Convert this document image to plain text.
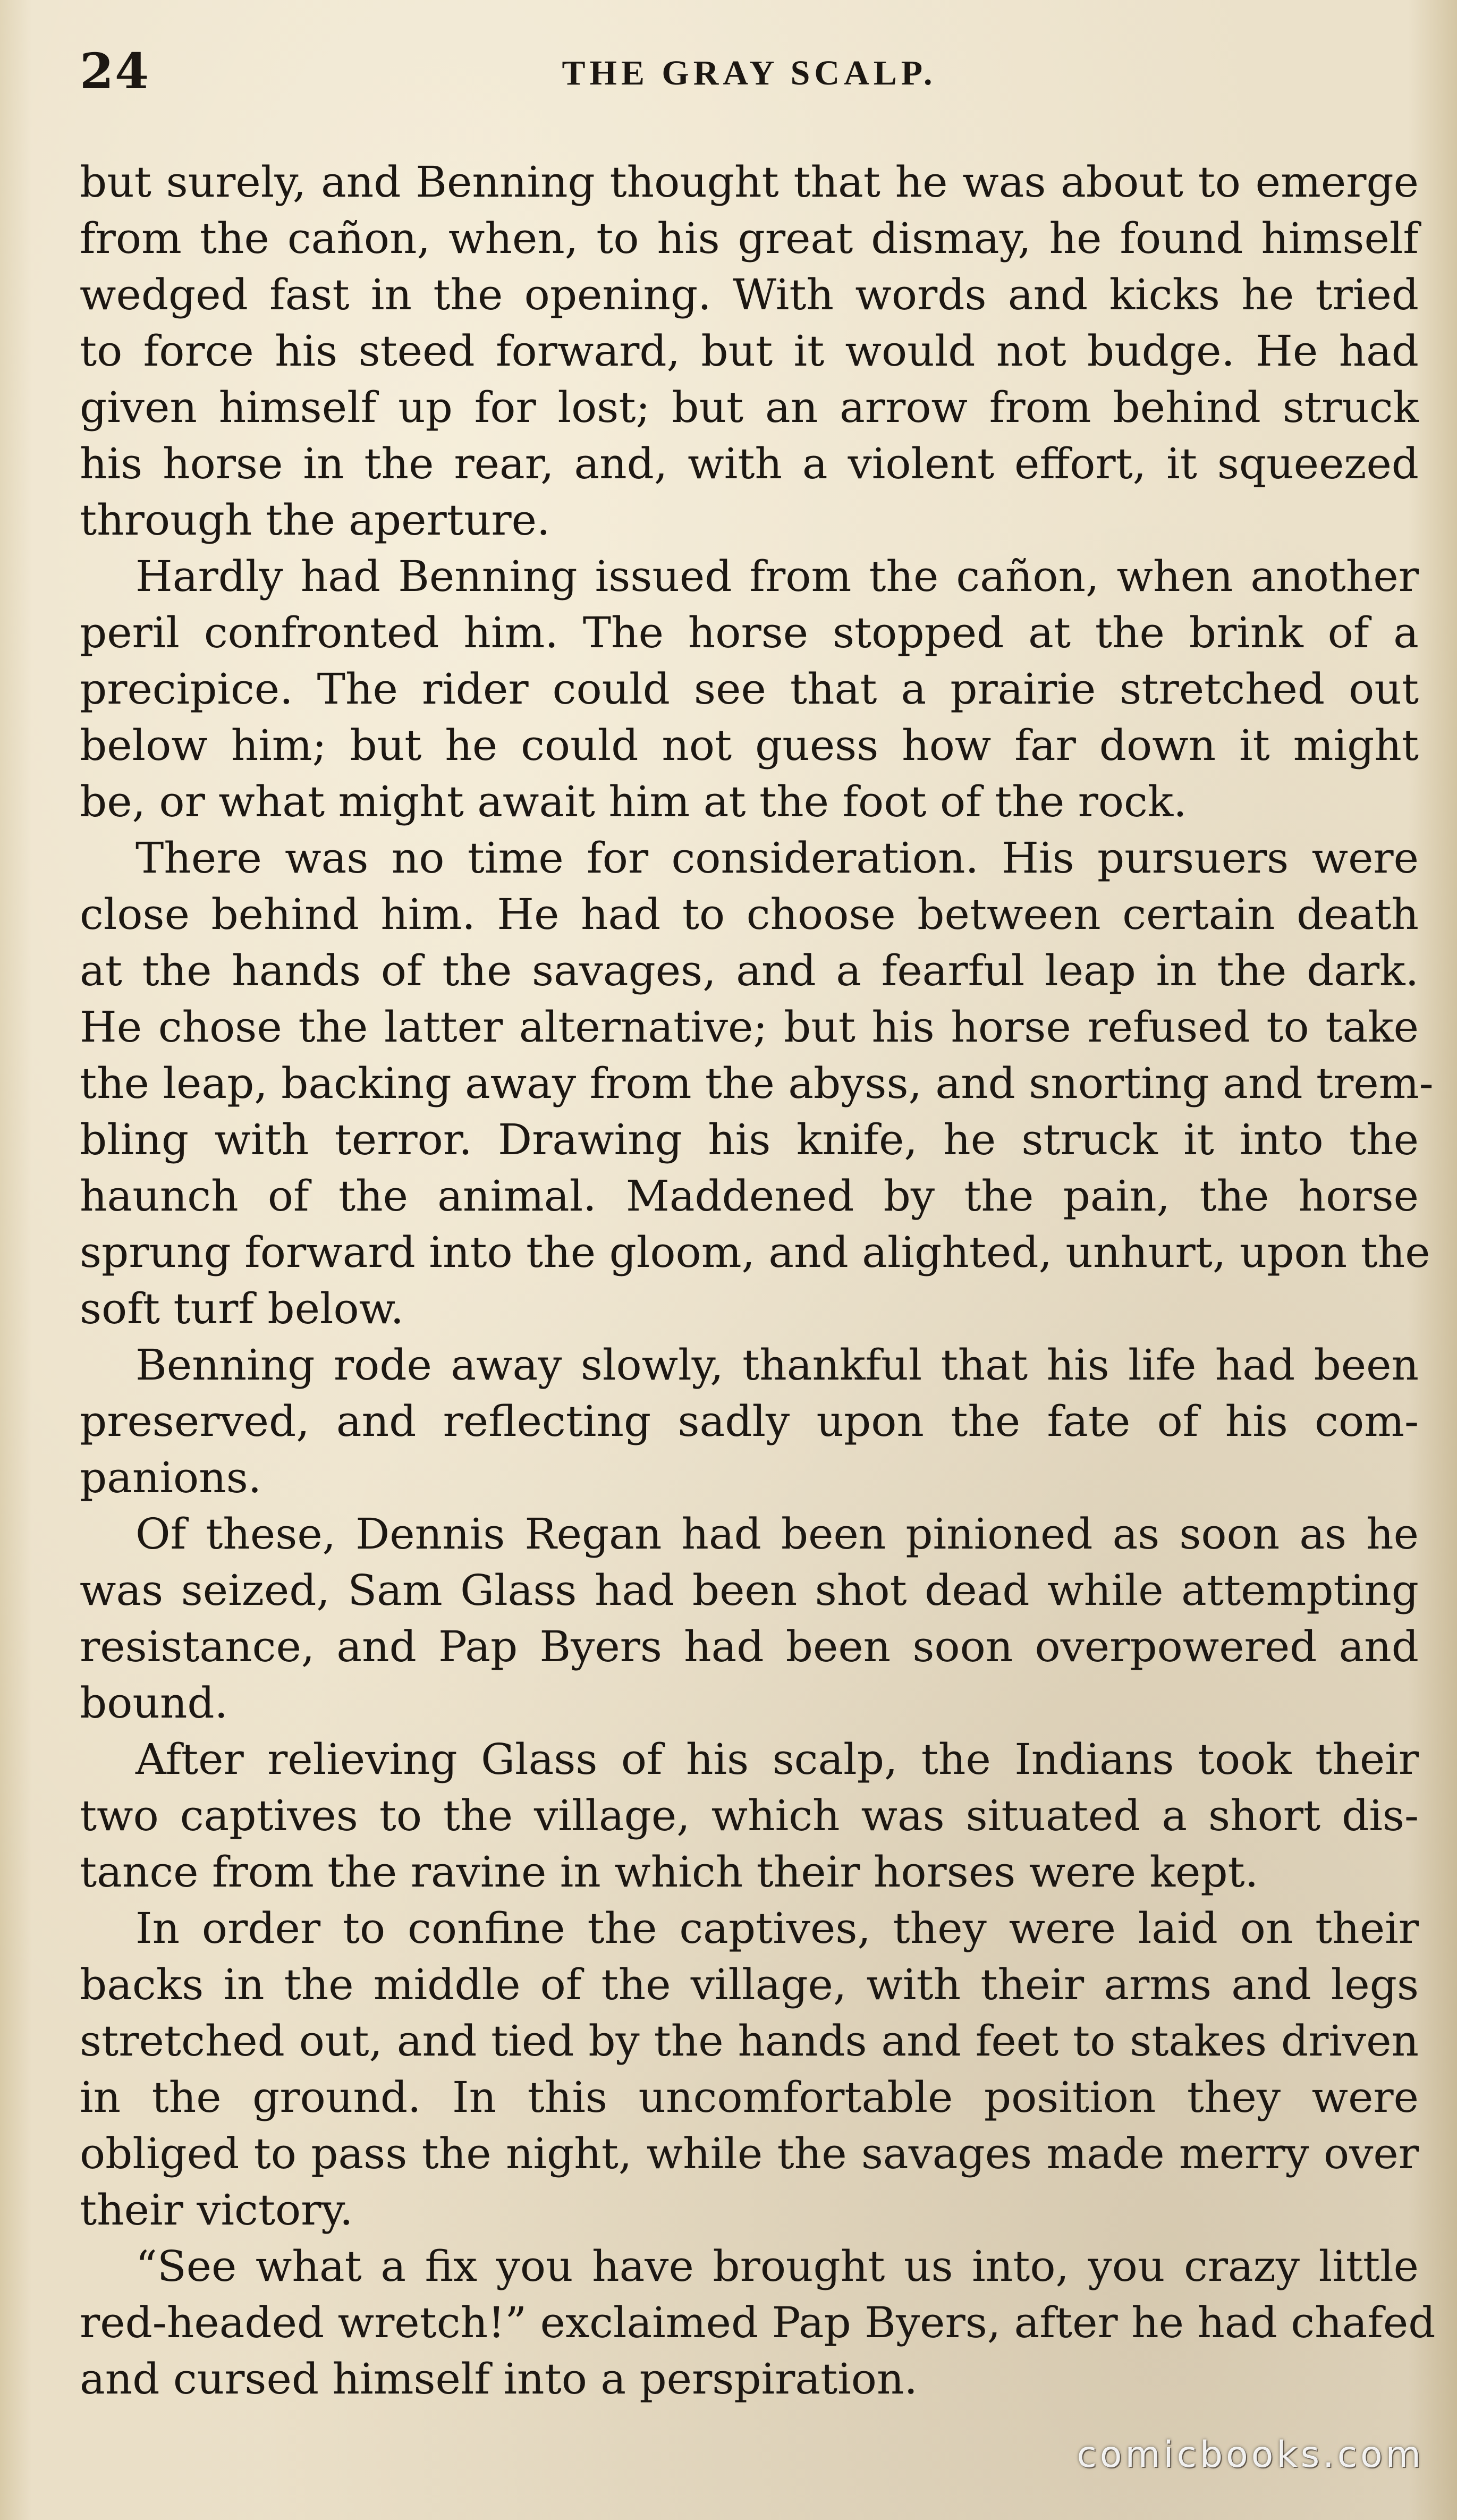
24	THE GRAY SCALP.
but surely, and Benning thought that he was about to emerge
from the cañon, when, to his great dismay, he found himself
wedged fast in the opening. With words and kicks he tried
to force his steed forward, but it would not budge. He had
given himself up for lost; but an arrow from behind struck
his horse in the rear, and, with a violent effort, it squeezed
through the aperture.
Hardly had Benning issued from the cañon, when another
peril confronted him. The horse stopped at the brink of a
precipice. The rider could see that a prairie stretched out
below him; but he could not guess how far down it might
be, or what might await him at the foot of the rock.
There was no time for consideration. His pursuers were
close behind him. He had to choose between certain death
at the hands of the savages, and a fearful leap in the dark.
He chose the latter alternative; but his horse refused to take
the leap, backing away from the abyss, and snorting and trem-
bling with terror. Drawing his knife, he struck it into the
haunch of the animal. Maddened by the pain, the horse
sprung forward into the gloom, and alighted, unhurt, upon the
soft turf below.
Benning rode away slowly, thankful that his life had been
preserved, and reflecting sadly upon the fate of his com-
panions.
Of these, Dennis Regan had been pinioned as soon as he
was seized, Sam Glass had been shot dead while attempting
resistance, and Pap Byers had been soon overpowered and
bound.
After relieving Glass of his scalp, the Indians took their
two captives to the village, which was situated a short dis-
tance from the ravine in which their horses were kept.
In order to confine the captives, they were laid on their
backs in the middle of the village, with their arms and legs
stretched out, and tied by the hands and feet to stakes driven
in the ground. In this uncomfortable position they were
obliged to pass the night, while the savages made merry over
their victory.
“See what a fix you have brought us into, you crazy little
red-headed wretch!” exclaimed Pap Byers, after he had chafed
and cursed himself into a perspiration.
comicbooks.com
